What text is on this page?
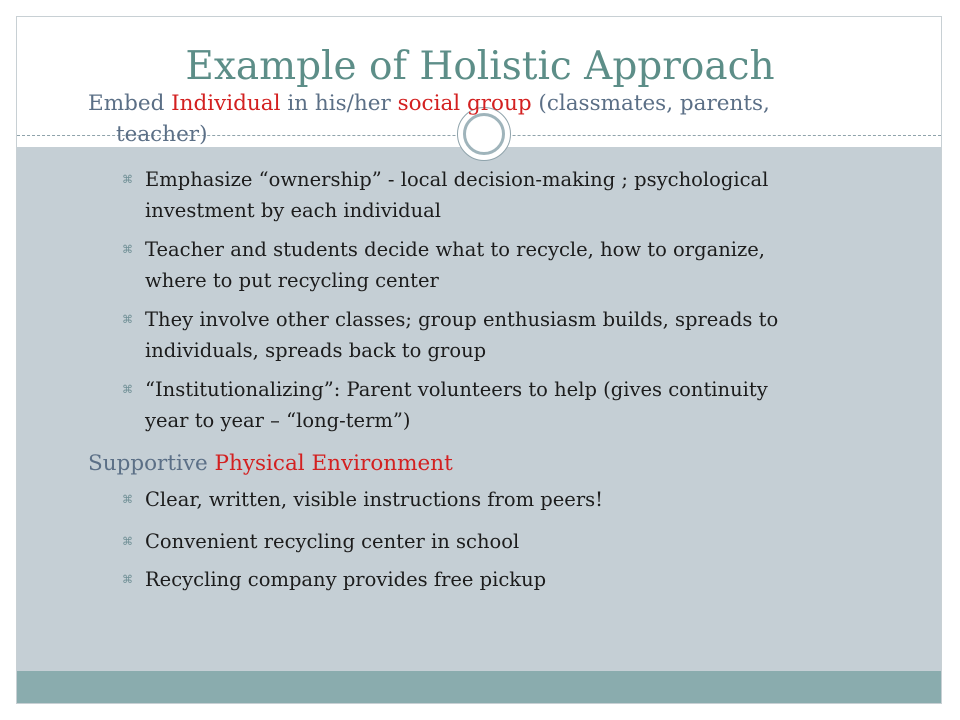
Example of Holistic Approach

Embed Individual in his/her social group (classmates, parents,
teacher)

⌘ Emphasize “ownership” - local decision-making ; psychological
investment by each individual

⌘ Teacher and students decide what to recycle, how to organize,
where to put recycling center

⌘ They involve other classes; group enthusiasm builds, spreads to
individuals, spreads back to group

⌘ “Institutionalizing”: Parent volunteers to help (gives continuity
year to year – “long-term”)

Supportive Physical Environment

⌘ Clear, written, visible instructions from peers!

⌘ Convenient recycling center in school

⌘ Recycling company provides free pickup
